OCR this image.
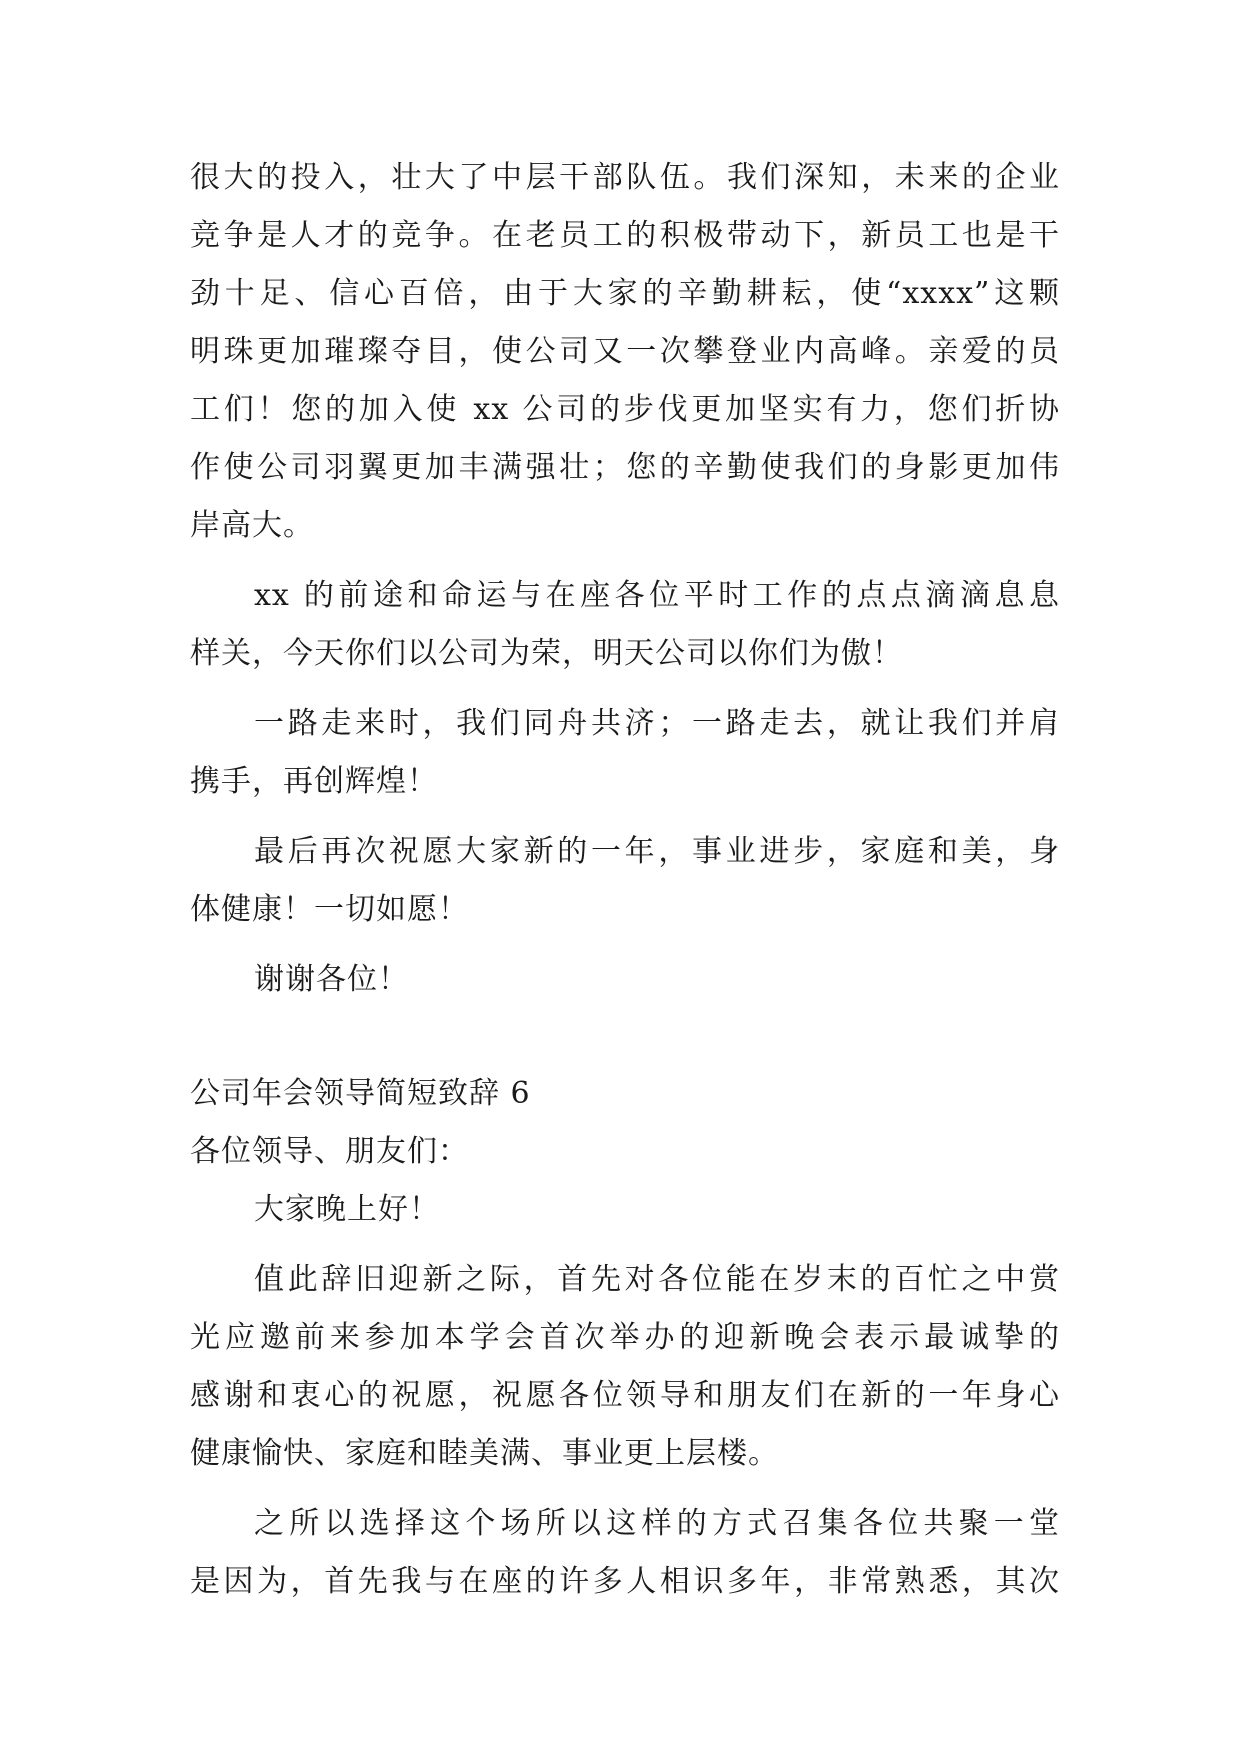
很大的投入，壮大了中层干部队伍。我们深知，未来的企业
竞争是人才的竞争。在老员工的积极带动下，新员工也是干
劲十足、信心百倍，由于大家的辛勤耕耘，使“xxxx”这颗
明珠更加璀璨夺目，使公司又一次攀登业内高峰。亲爱的员
工们！您的加入使 xx 公司的步伐更加坚实有力，您们折协
作使公司羽翼更加丰满强壮；您的辛勤使我们的身影更加伟
岸高大。
xx 的前途和命运与在座各位平时工作的点点滴滴息息
样关，今天你们以公司为荣，明天公司以你们为傲！
一路走来时，我们同舟共济；一路走去，就让我们并肩
携手，再创辉煌！
最后再次祝愿大家新的一年，事业进步，家庭和美，身
体健康！一切如愿！
谢谢各位！
公司年会领导简短致辞 6
各位领导、朋友们：
大家晚上好！
值此辞旧迎新之际，首先对各位能在岁末的百忙之中赏
光应邀前来参加本学会首次举办的迎新晚会表示最诚挚的
感谢和衷心的祝愿，祝愿各位领导和朋友们在新的一年身心
健康愉快、家庭和睦美满、事业更上层楼。
之所以选择这个场所以这样的方式召集各位共聚一堂
是因为，首先我与在座的许多人相识多年，非常熟悉，其次
